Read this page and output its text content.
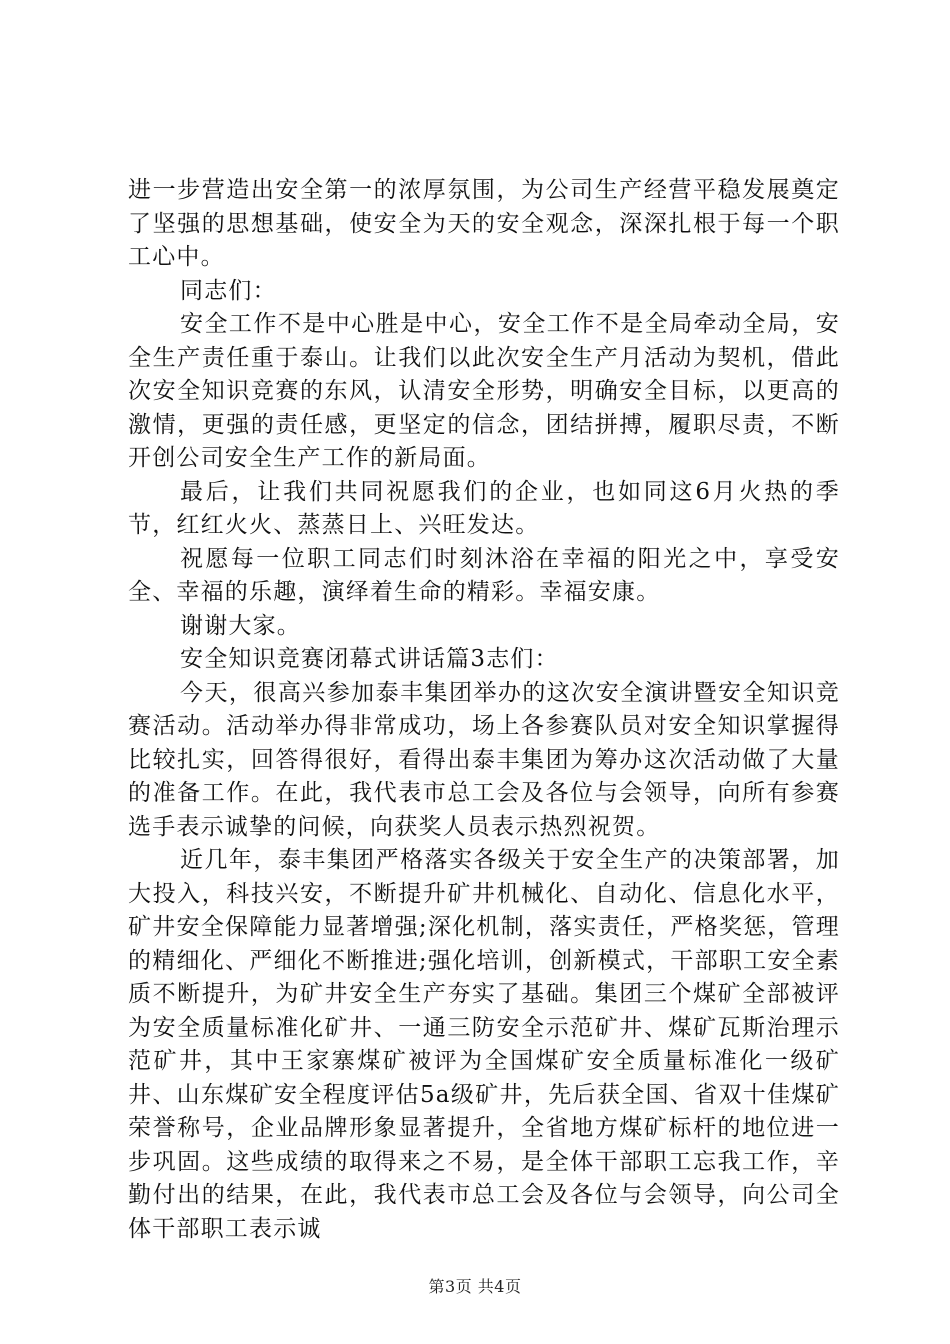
进一步营造出安全第一的浓厚氛围，为公司生产经营平稳发展奠定了坚强的思想基础，使安全为天的安全观念，深深扎根于每一个职工心中。

同志们：

安全工作不是中心胜是中心，安全工作不是全局牵动全局，安全生产责任重于泰山。让我们以此次安全生产月活动为契机，借此次安全知识竞赛的东风，认清安全形势，明确安全目标，以更高的激情，更强的责任感，更坚定的信念，团结拼搏，履职尽责，不断开创公司安全生产工作的新局面。

最后，让我们共同祝愿我们的企业，也如同这6月火热的季节，红红火火、蒸蒸日上、兴旺发达。

祝愿每一位职工同志们时刻沐浴在幸福的阳光之中，享受安全、幸福的乐趣，演绎着生命的精彩。幸福安康。

谢谢大家。

安全知识竞赛闭幕式讲话篇3志们：

今天，很高兴参加泰丰集团举办的这次安全演讲暨安全知识竞赛活动。活动举办得非常成功，场上各参赛队员对安全知识掌握得比较扎实，回答得很好，看得出泰丰集团为筹办这次活动做了大量的准备工作。在此，我代表市总工会及各位与会领导，向所有参赛选手表示诚挚的问候，向获奖人员表示热烈祝贺。

近几年，泰丰集团严格落实各级关于安全生产的决策部署，加大投入，科技兴安，不断提升矿井机械化、自动化、信息化水平，矿井安全保障能力显著增强;深化机制，落实责任，严格奖惩，管理的精细化、严细化不断推进;强化培训，创新模式，干部职工安全素质不断提升，为矿井安全生产夯实了基础。集团三个煤矿全部被评为安全质量标准化矿井、一通三防安全示范矿井、煤矿瓦斯治理示范矿井，其中王家寨煤矿被评为全国煤矿安全质量标准化一级矿井、山东煤矿安全程度评估5a级矿井，先后获全国、省双十佳煤矿荣誉称号，企业品牌形象显著提升，全省地方煤矿标杆的地位进一步巩固。这些成绩的取得来之不易，是全体干部职工忘我工作，辛勤付出的结果，在此，我代表市总工会及各位与会领导，向公司全体干部职工表示诚

第3页 共4页
